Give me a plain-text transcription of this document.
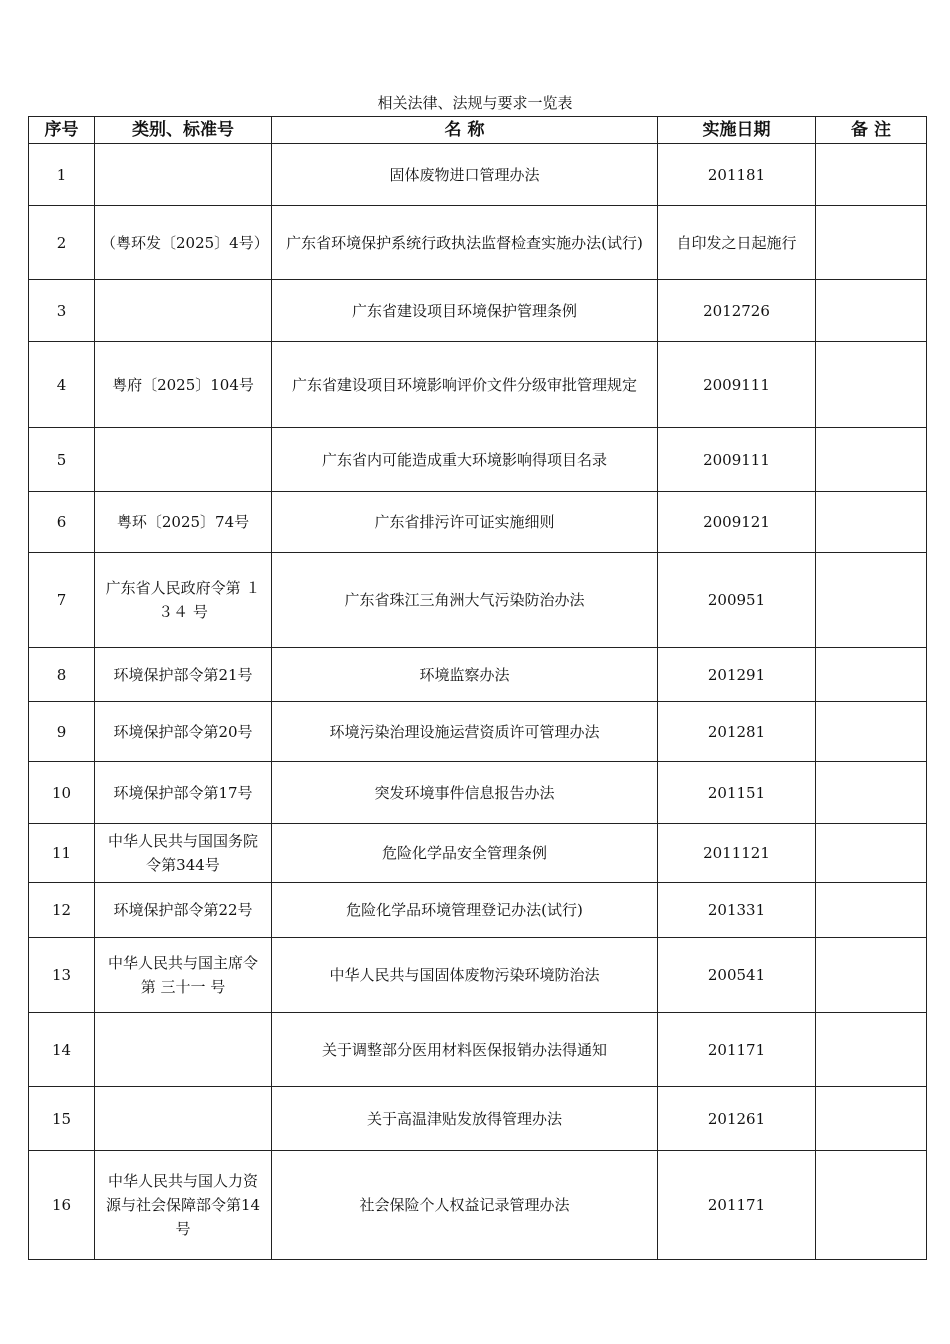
相关法律、法规与要求一览表
序号	类别、标准号	名 称	实施日期	备 注
1		固体废物进口管理办法	201181	
2	（粤环发〔2025〕4号）	广东省环境保护系统行政执法监督检查实施办法(试行)	自印发之日起施行	
3		广东省建设项目环境保护管理条例	2012726	
4	粤府〔2025〕104号	广东省建设项目环境影响评价文件分级审批管理规定	2009111	
5		广东省内可能造成重大环境影响得项目名录	2009111	
6	粤环〔2025〕74号	广东省排污许可证实施细则	2009121	
7	广东省人民政府令第 １３４ 号	广东省珠江三角洲大气污染防治办法	200951	
8	环境保护部令第21号	环境监察办法	201291	
9	环境保护部令第20号	环境污染治理设施运营资质许可管理办法	201281	
10	环境保护部令第17号	突发环境事件信息报告办法	201151	
11	中华人民共与国国务院令第344号	危险化学品安全管理条例	2011121	
12	环境保护部令第22号	危险化学品环境管理登记办法(试行)	201331	
13	中华人民共与国主席令 第 三十一 号	中华人民共与国固体废物污染环境防治法	200541	
14		关于调整部分医用材料医保报销办法得通知	201171	
15		关于高温津贴发放得管理办法	201261	
16	中华人民共与国人力资源与社会保障部令第14号	社会保险个人权益记录管理办法	201171	
